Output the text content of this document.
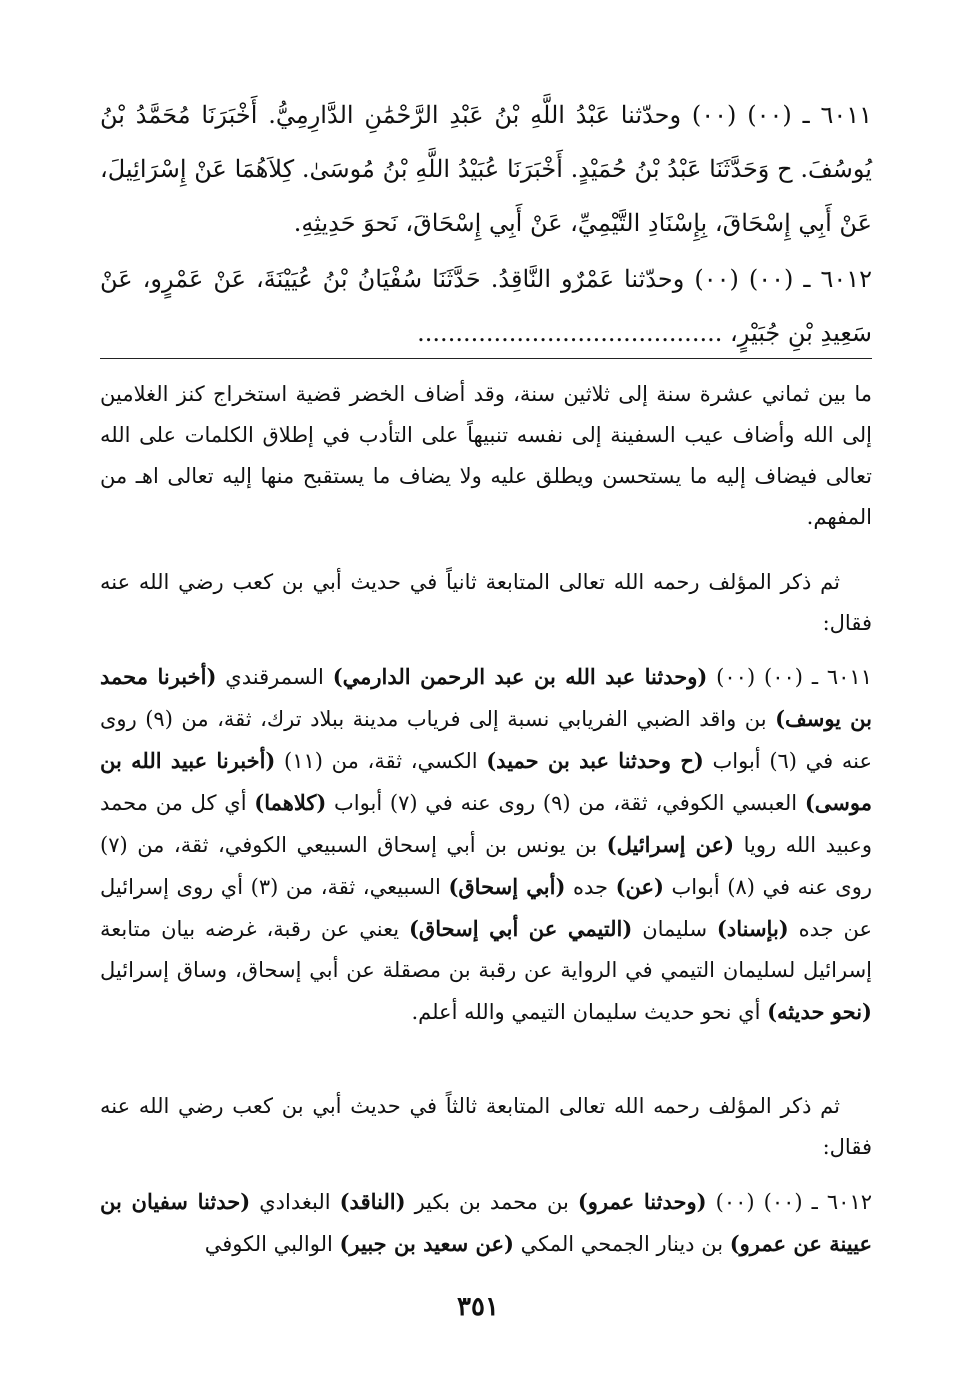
٦٠١١ ـ (٠٠) (٠٠) وحدّثنا عَبْدُ اللَّهِ بْنُ عَبْدِ الرَّحْمَٰنِ الدَّارِمِيُّ. أَخْبَرَنَا مُحَمَّدُ بْنُ يُوسُفَ. ح وَحَدَّثَنَا عَبْدُ بْنُ حُمَيْدٍ. أَخْبَرَنَا عُبَيْدُ اللَّهِ بْنُ مُوسَىٰ. كِلاَهُمَا عَنْ إِسْرَائِيلَ، عَنْ أَبِي إِسْحَاقَ، بِإِسْنَادِ التَّيْمِيِّ، عَنْ أَبِي إِسْحَاقَ، نَحوَ حَدِيثِهِ.

٦٠١٢ ـ (٠٠) (٠٠) وحدّثنا عَمْرٌو النَّاقِدُ. حَدَّثَنَا سُفْيَانُ بْنُ عُيَيْنَةَ، عَنْ عَمْرٍو، عَنْ سَعِيدِ بْنِ جُبَيْرٍ، ........................................

ما بين ثماني عشرة سنة إلى ثلاثين سنة، وقد أضاف الخضر قضية استخراج كنز الغلامين إلى الله وأضاف عيب السفينة إلى نفسه تنبيهاً على التأدب في إطلاق الكلمات على الله تعالى فيضاف إليه ما يستحسن ويطلق عليه ولا يضاف ما يستقبح منها إليه تعالى اهـ من المفهم.

ثم ذكر المؤلف رحمه الله تعالى المتابعة ثانياً في حديث أبي بن كعب رضي الله عنه فقال:

٦٠١١ ـ (٠٠) (٠٠) (وحدثنا عبد الله بن عبد الرحمن الدارمي) السمرقندي (أخبرنا محمد بن يوسف) بن واقد الضبي الفريابي نسبة إلى فرياب مدينة ببلاد ترك، ثقة، من (٩) روى عنه في (٦) أبواب (ح وحدثنا عبد بن حميد) الكسي، ثقة، من (١١) (أخبرنا عبيد الله بن موسى) العبسي الكوفي، ثقة، من (٩) روى عنه في (٧) أبواب (كلاهما) أي كل من محمد وعبيد الله رويا (عن إسرائيل) بن يونس بن أبي إسحاق السبيعي الكوفي، ثقة، من (٧) روى عنه في (٨) أبواب (عن) جده (أبي إسحاق) السبيعي، ثقة، من (٣) أي روى إسرائيل عن جده (بإسناد) سليمان (التيمي عن أبي إسحاق) يعني عن رقبة، غرضه بيان متابعة إسرائيل لسليمان التيمي في الرواية عن رقبة بن مصقلة عن أبي إسحاق، وساق إسرائيل (نحو حديثه) أي نحو حديث سليمان التيمي والله أعلم.

ثم ذكر المؤلف رحمه الله تعالى المتابعة ثالثاً في حديث أبي بن كعب رضي الله عنه فقال:

٦٠١٢ ـ (٠٠) (٠٠) (وحدثنا عمرو) بن محمد بن بكير (الناقد) البغدادي (حدثنا سفيان بن عيينة عن عمرو) بن دينار الجمحي المكي (عن سعيد بن جبير) الوالبي الكوفي

٣٥١
